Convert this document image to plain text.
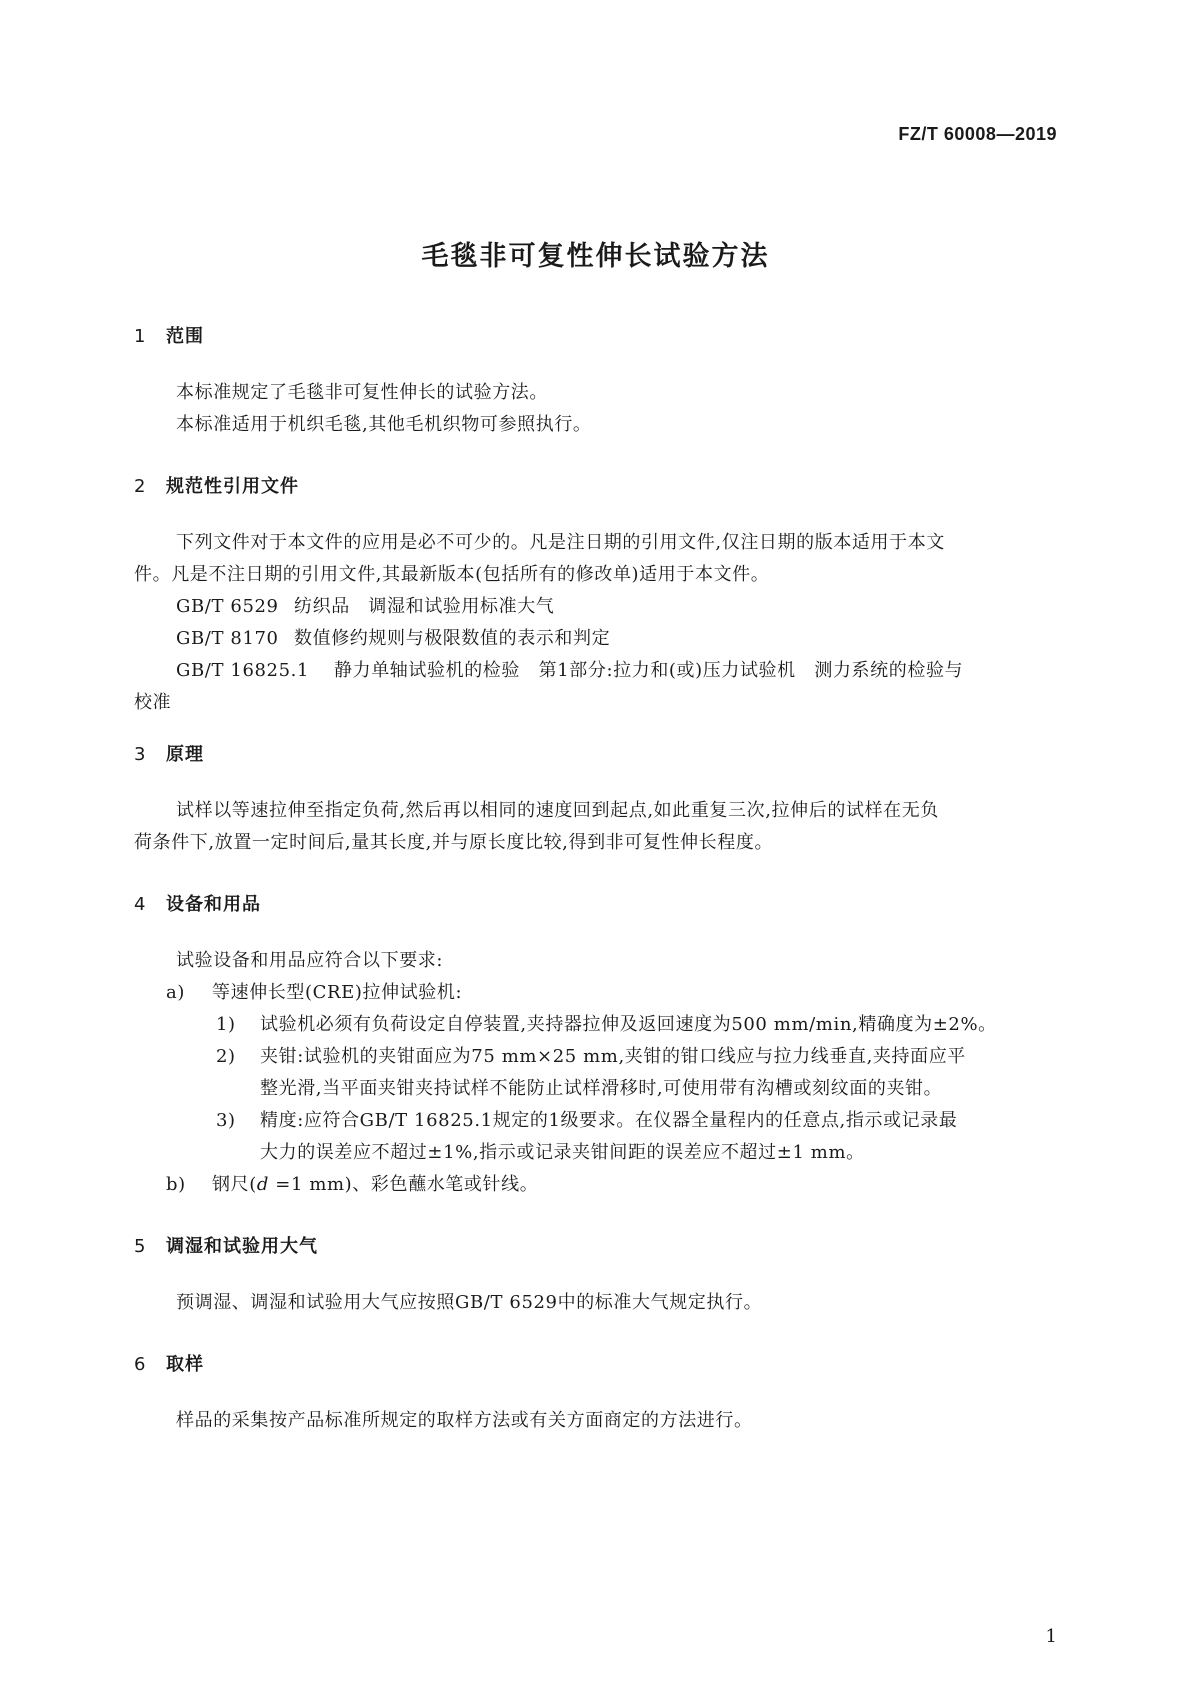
FZ/T 60008—2019
毛毯非可复性伸长试验方法
1 范围
本标准规定了毛毯非可复性伸长的试验方法。
本标准适用于机织毛毯,其他毛机织物可参照执行。
2 规范性引用文件
下列文件对于本文件的应用是必不可少的。凡是注日期的引用文件,仅注日期的版本适用于本文
件。凡是不注日期的引用文件,其最新版本(包括所有的修改单)适用于本文件。
GB/T 6529 纺织品　调湿和试验用标准大气
GB/T 8170 数值修约规则与极限数值的表示和判定
GB/T 16825.1 静力单轴试验机的检验　第1部分:拉力和(或)压力试验机　测力系统的检验与
校准
3 原理
试样以等速拉伸至指定负荷,然后再以相同的速度回到起点,如此重复三次,拉伸后的试样在无负
荷条件下,放置一定时间后,量其长度,并与原长度比较,得到非可复性伸长程度。
4 设备和用品
试验设备和用品应符合以下要求:
a) 等速伸长型(CRE)拉伸试验机:
1) 试验机必须有负荷设定自停装置,夹持器拉伸及返回速度为500 mm/min,精确度为±2%。
2) 夹钳:试验机的夹钳面应为75 mm×25 mm,夹钳的钳口线应与拉力线垂直,夹持面应平
整光滑,当平面夹钳夹持试样不能防止试样滑移时,可使用带有沟槽或刻纹面的夹钳。
3) 精度:应符合GB/T 16825.1规定的1级要求。在仪器全量程内的任意点,指示或记录最
大力的误差应不超过±1%,指示或记录夹钳间距的误差应不超过±1 mm。
b) 钢尺(d =1 mm)、彩色蘸水笔或针线。
5 调湿和试验用大气
预调湿、调湿和试验用大气应按照GB/T 6529中的标准大气规定执行。
6 取样
样品的采集按产品标准所规定的取样方法或有关方面商定的方法进行。
1
